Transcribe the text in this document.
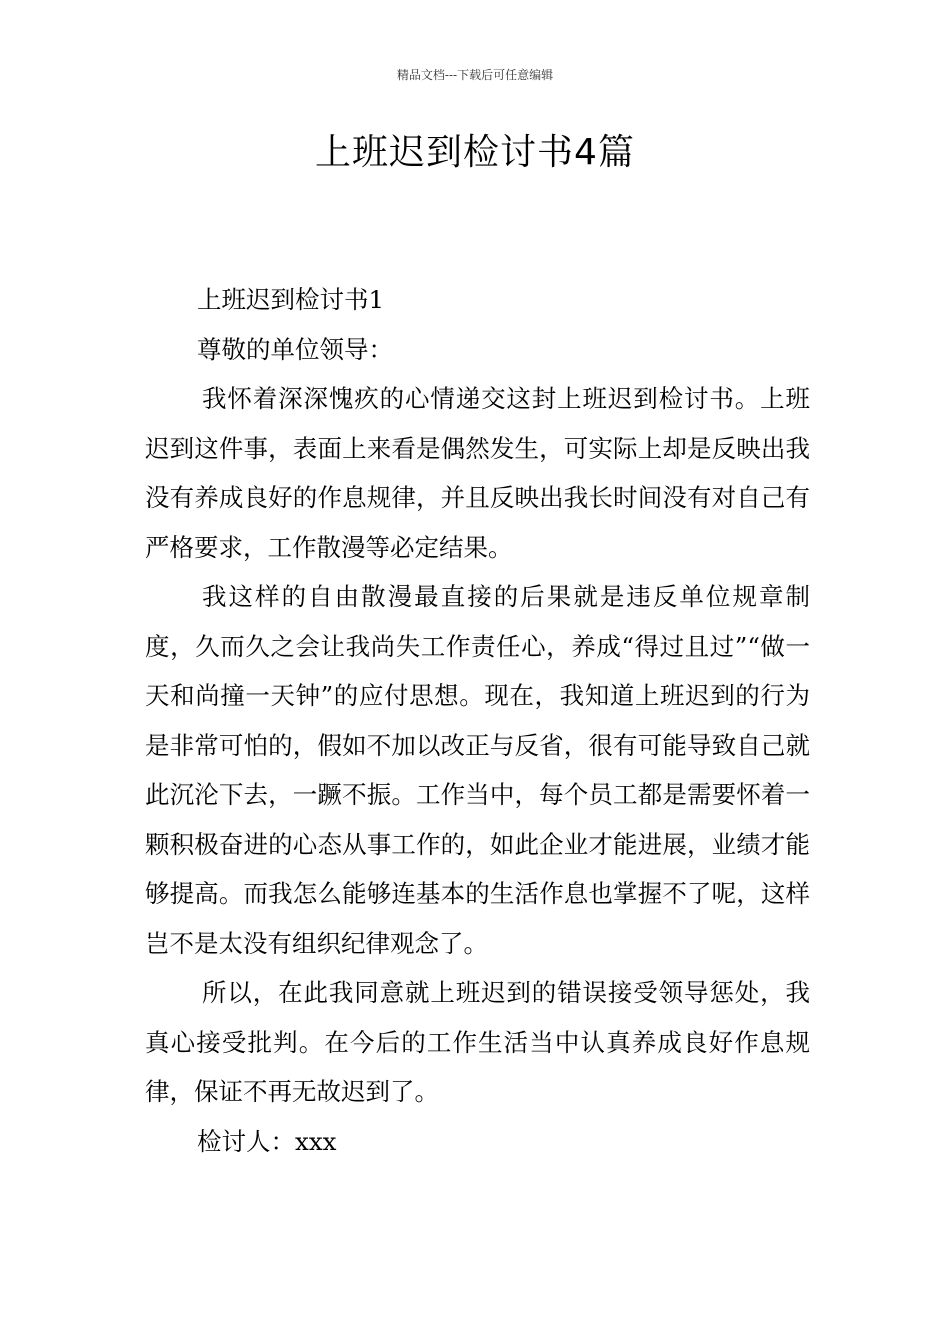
精品文档---下载后可任意编辑
上班迟到检讨书4篇

上班迟到检讨书1

尊敬的单位领导：

我怀着深深愧疚的心情递交这封上班迟到检讨书。上班迟到这件事，表面上来看是偶然发生，可实际上却是反映出我没有养成良好的作息规律，并且反映出我长时间没有对自己有严格要求，工作散漫等必定结果。

我这样的自由散漫最直接的后果就是违反单位规章制度，久而久之会让我尚失工作责任心，养成“得过且过”“做一天和尚撞一天钟”的应付思想。现在，我知道上班迟到的行为是非常可怕的，假如不加以改正与反省，很有可能导致自己就此沉沦下去，一蹶不振。工作当中，每个员工都是需要怀着一颗积极奋进的心态从事工作的，如此企业才能进展，业绩才能够提高。而我怎么能够连基本的生活作息也掌握不了呢，这样岂不是太没有组织纪律观念了。

所以，在此我同意就上班迟到的错误接受领导惩处，我真心接受批判。在今后的工作生活当中认真养成良好作息规律，保证不再无故迟到了。

检讨人：xxx
